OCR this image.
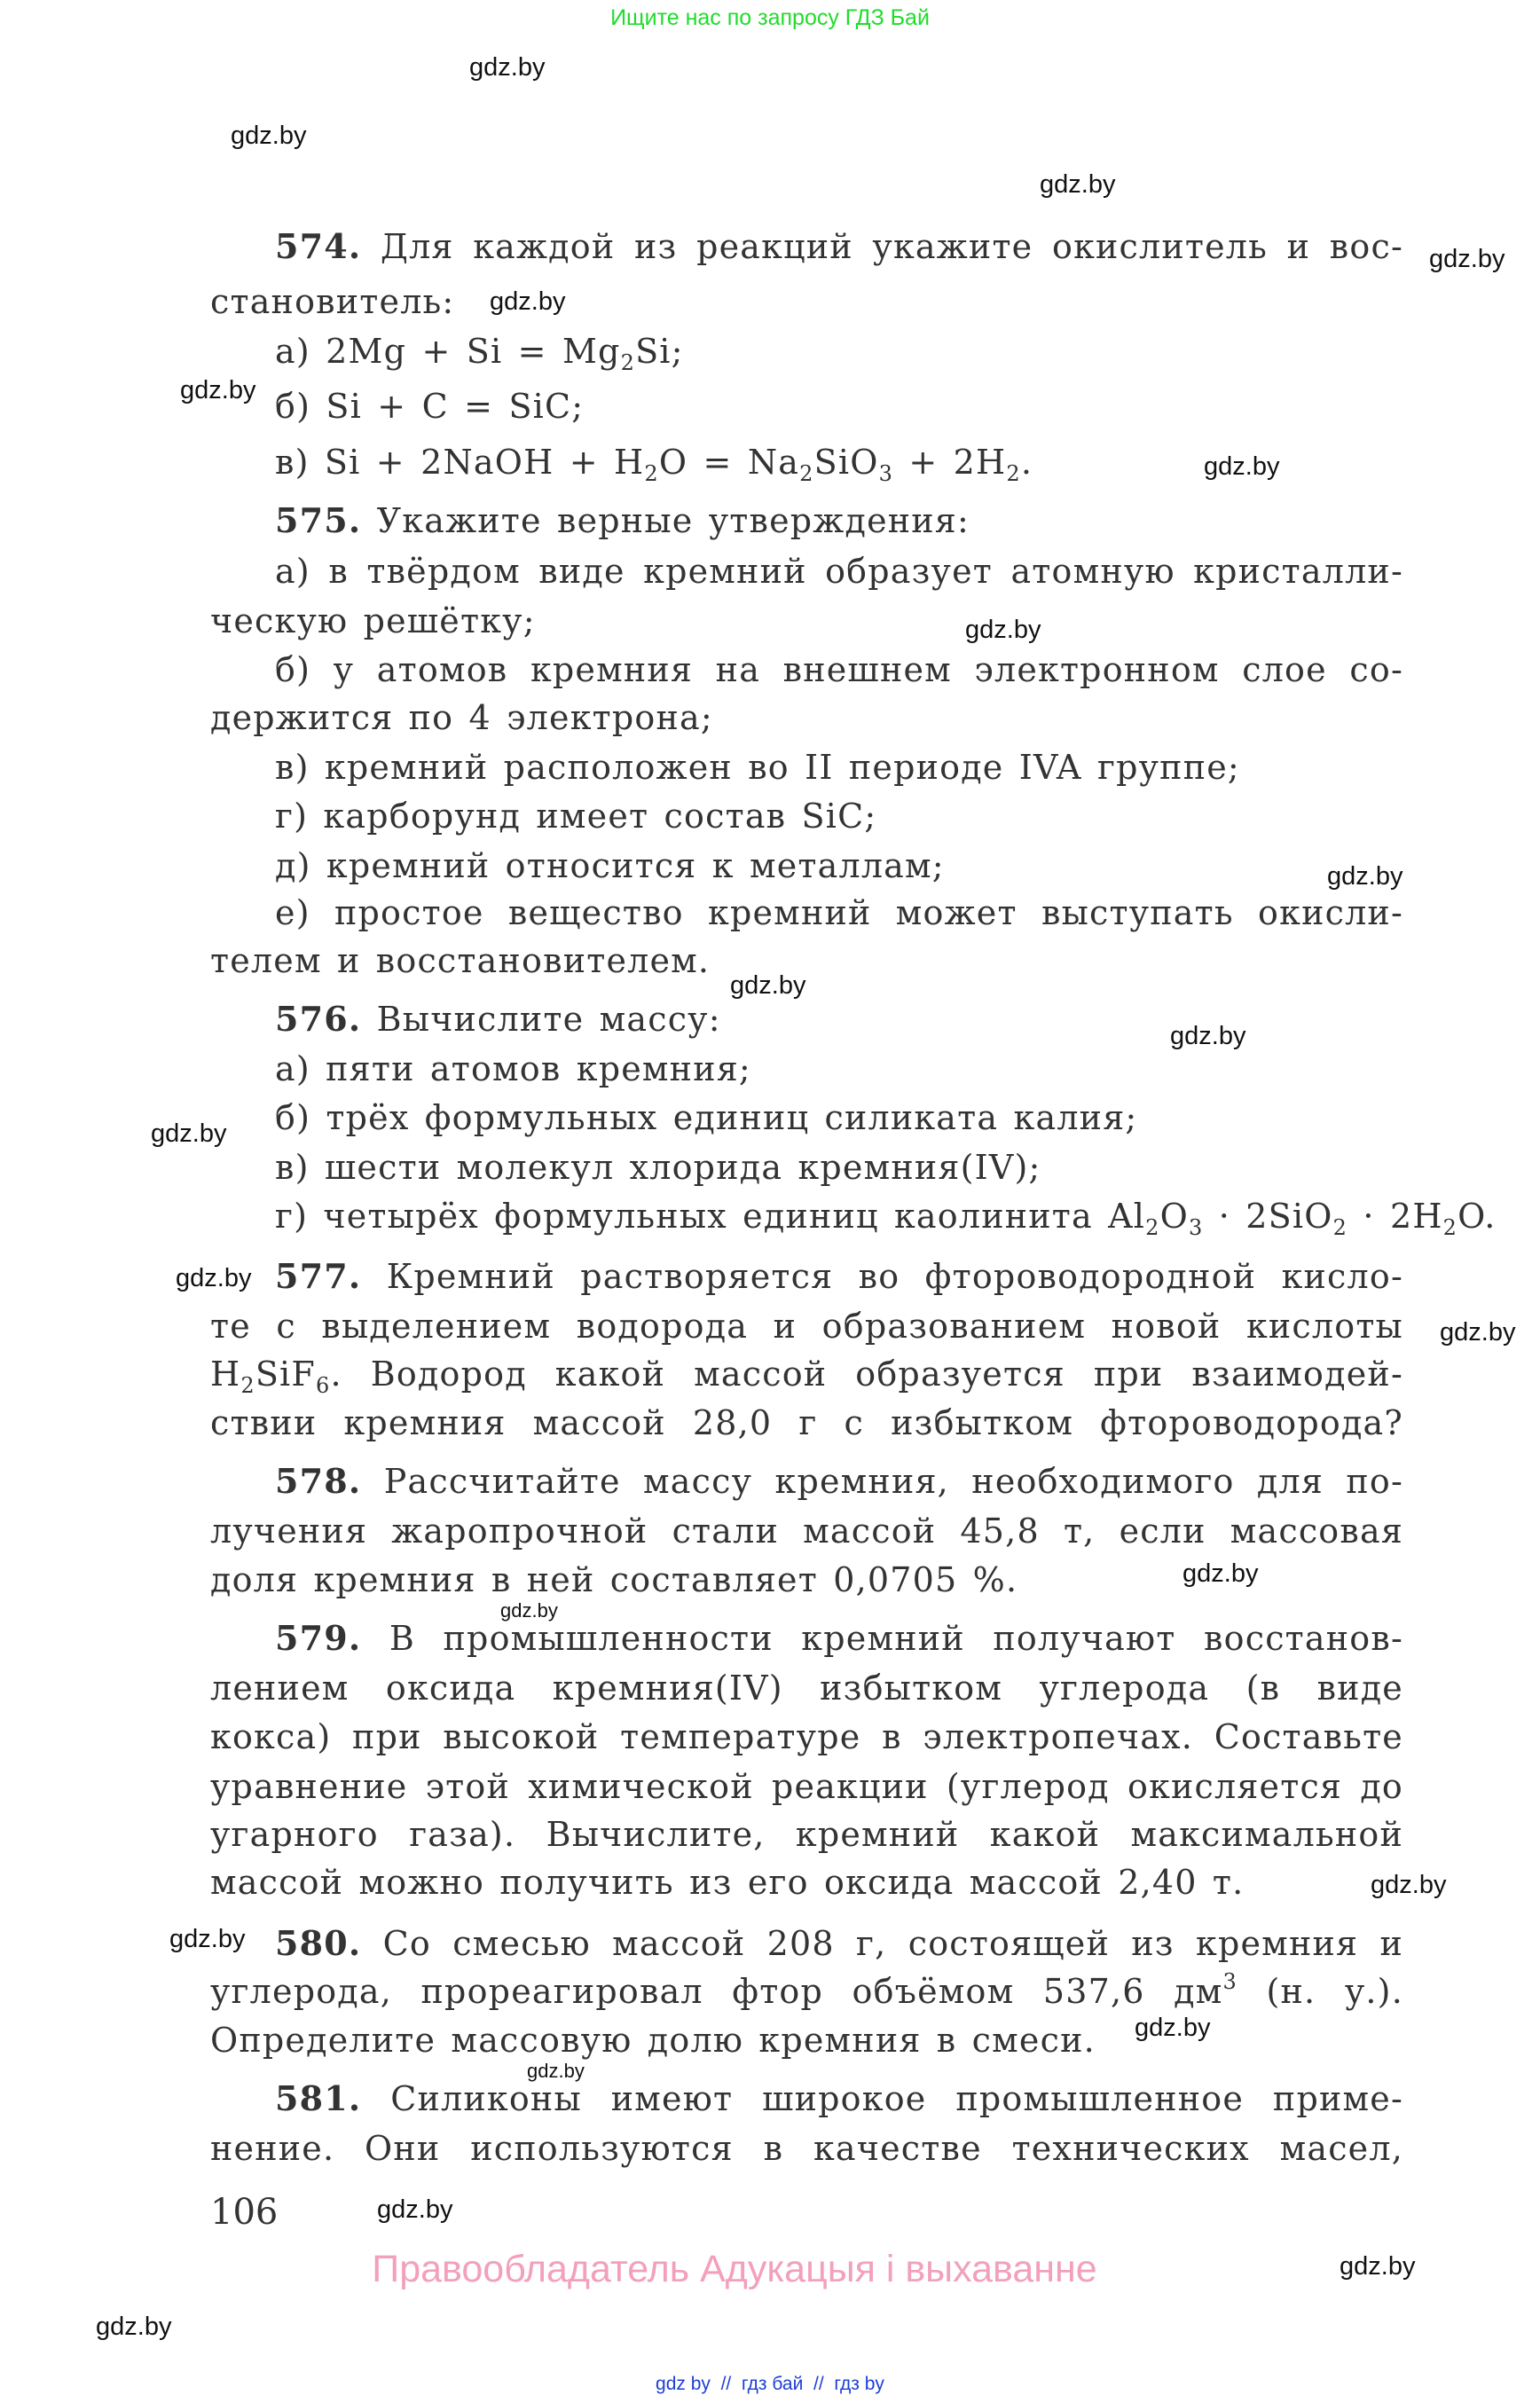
Ищите нас по запросу ГДЗ Бай
574. Для каждой из реакций укажите окислитель и вос-
становитель:
а) $2Mg + Si = Mg_2Si$;
б) Si + C = SiC;
в) Si + 2NaOH + $H_2O = Na_2SiO_3 + 2H_2$.
575. Укажите верные утверждения:
а) в твёрдом виде кремний образует атомную кристалли-
ческую решётку;
б) у атомов кремния на внешнем электронном слое со-
держится по 4 электрона;
в) кремний расположен во II периоде IVA группе;
г) карборунд имеет состав SiC;
д) кремний относится к металлам;
е) простое вещество кремний может выступать окисли-
телем и восстановителем.
576. Вычислите массу:
а) пяти атомов кремния;
б) трёх формульных единиц силиката калия;
в) шести молекул хлорида кремния(IV);
г) четырёх формульных единиц каолинита $Al_2O_3 \cdot 2SiO_2 \cdot 2H_2O$.
577. Кремний растворяется во фтороводородной кисло-
те с выделением водорода и образованием новой кислоты
$H_2SiF_6$. Водород какой массой образуется при взаимодей-
ствии кремния массой 28,0 г с избытком фтороводорода?
578. Рассчитайте массу кремния, необходимого для по-
лучения жаропрочной стали массой 45,8 т, если массовая
доля кремния в ней составляет 0,0705 %.
579. В промышленности кремний получают восстанов-
лением оксида кремния(IV) избытком углерода (в виде
кокса) при высокой температуре в электропечах. Составьте
уравнение этой химической реакции (углерод окисляется до
угарного газа). Вычислите, кремний какой максимальной
массой можно получить из его оксида массой 2,40 т.
580. Со смесью массой 208 г, состоящей из кремния и
углерода, прореагировал фтор объёмом 537,6 $дм^3$ (н. у.).
Определите массовую долю кремния в смеси.
581. Силиконы имеют широкое промышленное приме-
нение. Они используются в качестве технических масел,
gdz.by
gdz.by
gdz.by
gdz.by
gdz.by
gdz.by
gdz.by
gdz.by
gdz.by
gdz.by
gdz.by
gdz.by
gdz.by
gdz.by
gdz.by
gdz.by
gdz.by
gdz.by
gdz.by
gdz.by
gdz.by
gdz.by
gdz.by
106
Правообладатель Адукацыя і выхаванне
gdz by  //  гдз бай  //  гдз by
